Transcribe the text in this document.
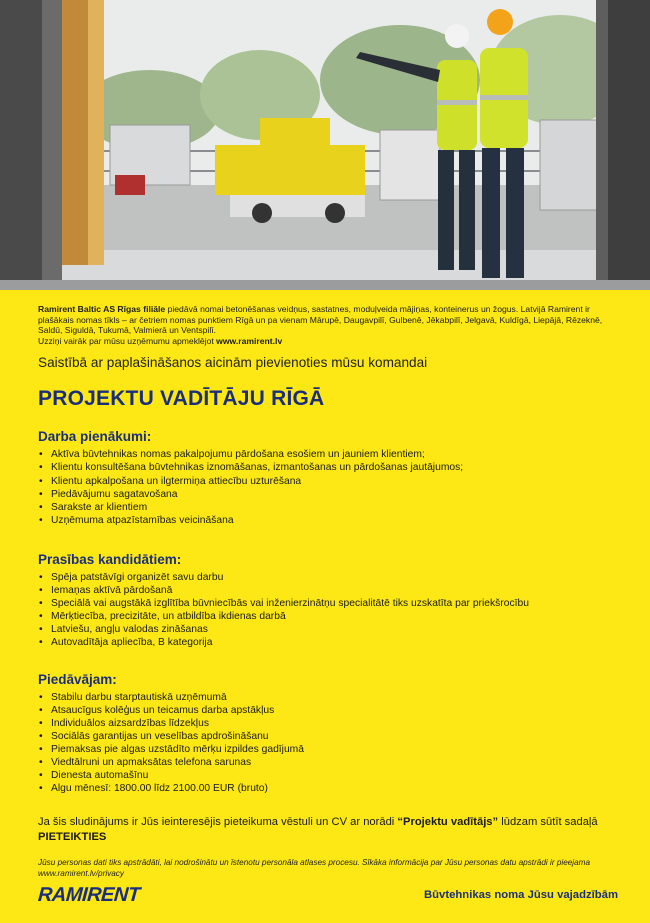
Ramirent Baltic AS Rīgas filiāle piedāvā nomai betonēšanas veidņus, sastatnes, moduļveida mājiņas, konteinerus un žogus. Latvijā Ramirent ir plašākais nomas tīkls – ar četriem nomas punktiem Rīgā un pa vienam Mārupē, Daugavpilī, Gulbenē, Jēkabpilī, Jelgavā, Kuldīgā, Liepājā, Rēzeknē, Saldū, Siguldā, Tukumā, Valmierā un Ventspilī.
Uzziņi vairāk par mūsu uzņēmumu apmeklējot www.ramirent.lv

Saistībā ar paplašināšanos aicinām pievienoties mūsu komandai

PROJEKTU VADĪTĀJU RĪGĀ
Darba pienākumi:
• Aktīva būvtehnikas nomas pakalpojumu pārdošana esošiem un jauniem klientiem;
• Klientu konsultēšana būvtehnikas iznomāšanas, izmantošanas un pārdošanas jautājumos;
• Klientu apkalpošana un ilgtermiņa attiecību uzturēšana
• Piedāvājumu sagatavošana
• Sarakste ar klientiem
• Uzņēmuma atpazīstamības veicināšana
Prasības kandidātiem:
• Spēja patstāvīgi organizēt savu darbu
• Iemaņas aktīvā pārdošanā
• Speciālā vai augstākā izglītība būvniecībās vai inženierzinātņu specialitātē tiks uzskatīta par priekšrocību
• Mērķtiecība, precizitāte, un atbildība ikdienas darbā
• Latviešu, angļu valodas zināšanas
• Autovadītāja apliecība, B kategorija
Piedāvājam:
• Stabilu darbu starptautiskā uzņēmumā
• Atsaucīgus kolēģus un teicamus darba apstākļus
• Individuālos aizsardzības līdzekļus
• Sociālās garantijas un veselības apdrošināšanu
• Piemaksas pie algas uzstādīto mērķu izpildes gadījumā
• Viedtālruni un apmaksātas telefona sarunas
• Dienesta automašīnu
• Algu mēnesī: 1800.00 līdz 2100.00 EUR (bruto)

Ja šis sludinājums ir Jūs ieinteresējis pieteikuma vēstuli un CV ar norādi “Projektu vadītājs” lūdzam sūtīt sadaļā PIETEIKTIES

Jūsu personas dati tiks apstrādāti, lai nodrošinātu un īstenotu personāla atlases procesu. Sīkāka informācija par Jūsu personas datu apstrādi ir pieejama www.ramirent.lv/privacy

RAMIRENT	Būvtehnikas noma Jūsu vajadzībām
